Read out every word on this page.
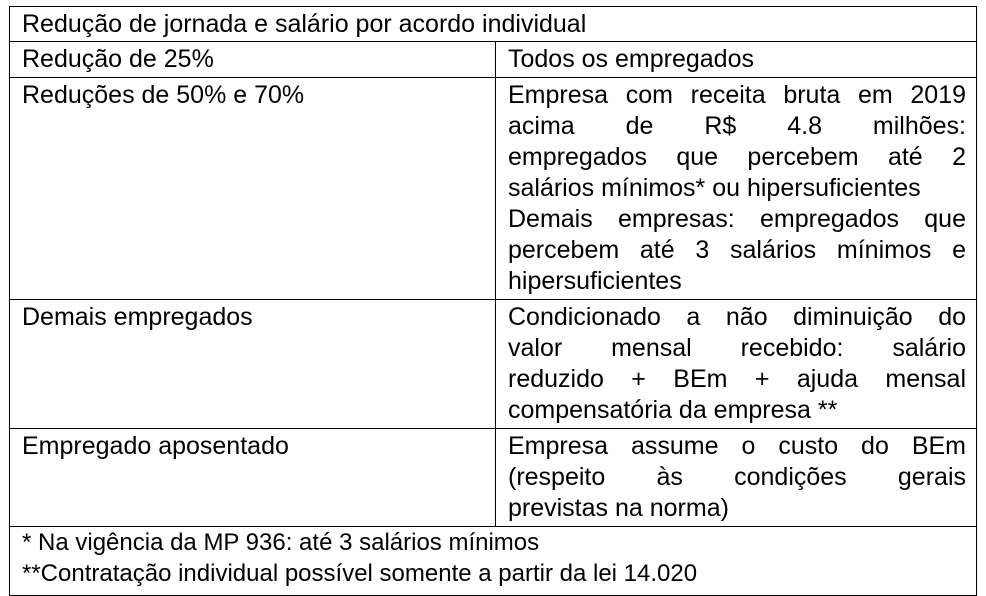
Redução de jornada e salário por acordo individual
Redução de 25%	Todos os empregados
Reduções de 50% e 70%	Empresa com receita bruta em 2019
acima de R$ 4.8 milhões:
empregados que percebem até 2
salários mínimos* ou hipersuficientes
Demais empresas: empregados que
percebem até 3 salários mínimos e
hipersuficientes
Demais empregados	Condicionado a não diminuição do
valor mensal recebido: salário
reduzido + BEm + ajuda mensal
compensatória da empresa **
Empregado aposentado	Empresa assume o custo do BEm
(respeito às condições gerais
previstas na norma)
* Na vigência da MP 936: até 3 salários mínimos
**Contratação individual possível somente a partir da lei 14.020
